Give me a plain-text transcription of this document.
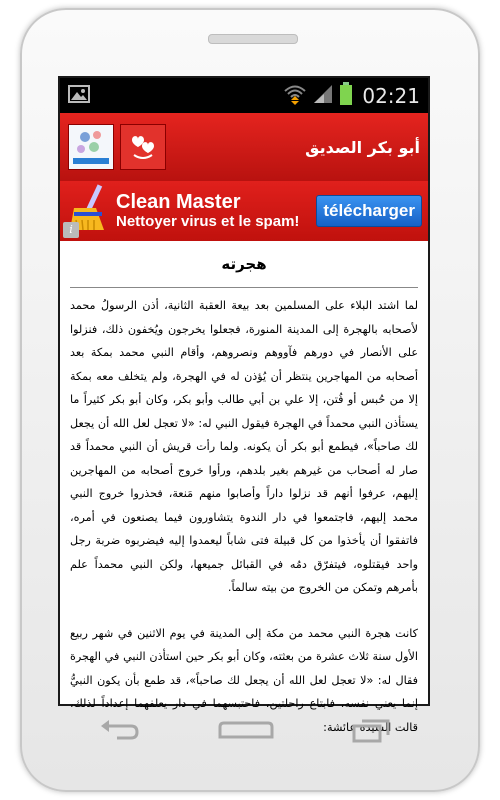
02:21
أبو بكر الصديق
Clean Master
Nettoyer virus et le spam!
télécharger
i
هجرته

لما اشتد البلاء على المسلمين بعد بيعة العقبة الثانية، أذن الرسولُ محمد لأصحابه بالهجرة إلى المدينة المنورة، فجعلوا يخرجون ويُخفون ذلك، فنزلوا على الأنصار في دورهم فآووهم ونصروهم، وأقام النبي محمد بمكة بعد أصحابه من المهاجرين ينتظر أن يُؤذن له في الهجرة، ولم يتخلف معه بمكة إلا من حُبس أو فُتن، إلا علي بن أبي طالب وأبو بكر، وكان أبو بكر كثيراً ما يستأذن النبي محمداً في الهجرة فيقول النبي له: «لا تعجل لعل الله أن يجعل لك صاحباً»، فيطمع أبو بكر أن يكونه. ولما رأت قريش أن النبي محمداً قد صار له أصحاب من غيرهم بغير بلدهم، ورأوا خروج أصحابه من المهاجرين إليهم، عرفوا أنهم قد نزلوا داراً وأصابوا منهم مَنعة، فحذروا خروج النبي محمد إليهم، فاجتمعوا في دار الندوة يتشاورون فيما يصنعون في أمره، فاتفقوا أن يأخذوا من كل قبيلة فتى شاباً ليعمدوا إليه فيضربوه ضربة رجل واحد فيقتلوه، فيتفرّق دمُه في القبائل جميعها، ولكن النبي محمداً علم بأمرهم وتمكن من الخروج من بيته سالماً.

كانت هجرة النبي محمد من مكة إلى المدينة في يوم الاثنين في شهر ربيع الأول سنة ثلاث عشرة من بعثته، وكان أبو بكر حين استأذن النبي في الهجرة فقال له: «لا تعجل لعل الله أن يجعل لك صاحباً»، قد طمع بأن يكون النبيُّ إنما يعني نفسه، فابتاع راحلتين، فاحتبسهما في دار يعلفهما إعداداً لذلك، قالت السيدة عائشة:
